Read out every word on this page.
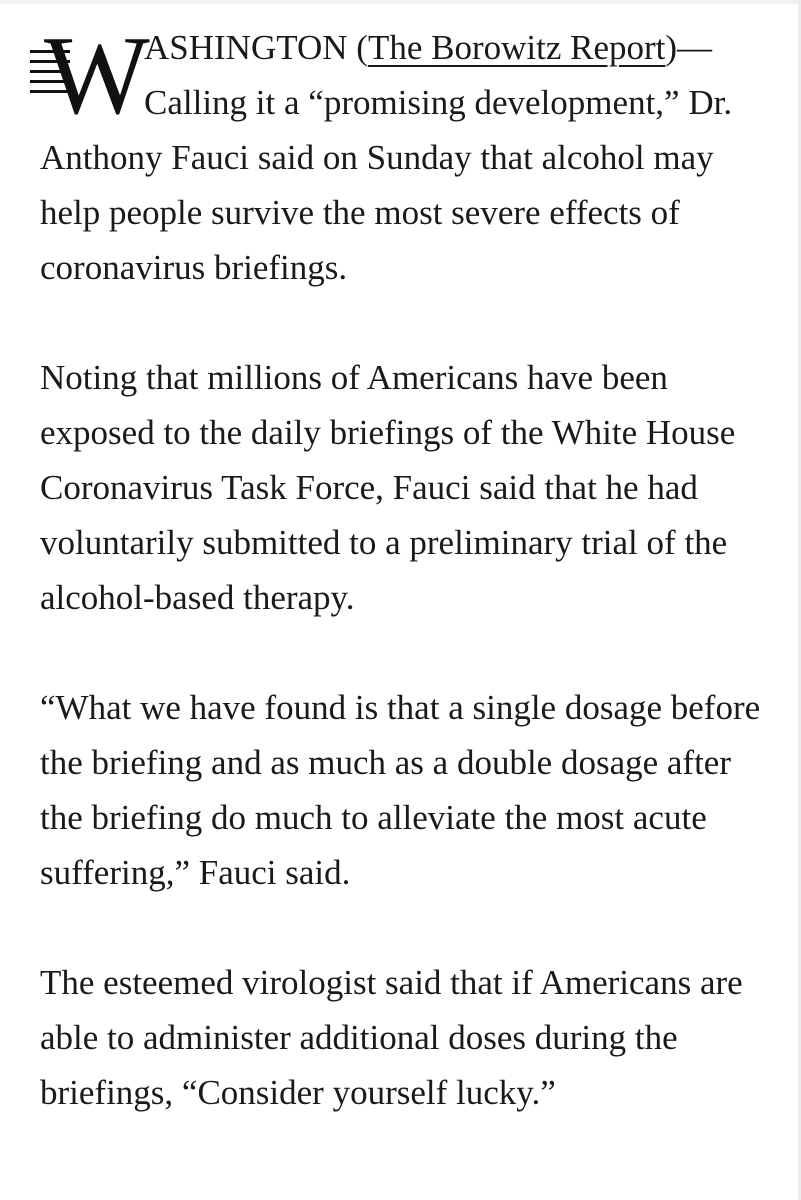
W
ASHINGTON (The Borowitz Report)—Calling it a “promising development,” Dr. Anthony Fauci said on Sunday that alcohol may help people survive the most severe effects of coronavirus briefings.

Noting that millions of Americans have been exposed to the daily briefings of the White House Coronavirus Task Force, Fauci said that he had voluntarily submitted to a preliminary trial of the alcohol-based therapy.

“What we have found is that a single dosage before the briefing and as much as a double dosage after the briefing do much to alleviate the most acute suffering,” Fauci said.

The esteemed virologist said that if Americans are able to administer additional doses during the briefings, “Consider yourself lucky.”
